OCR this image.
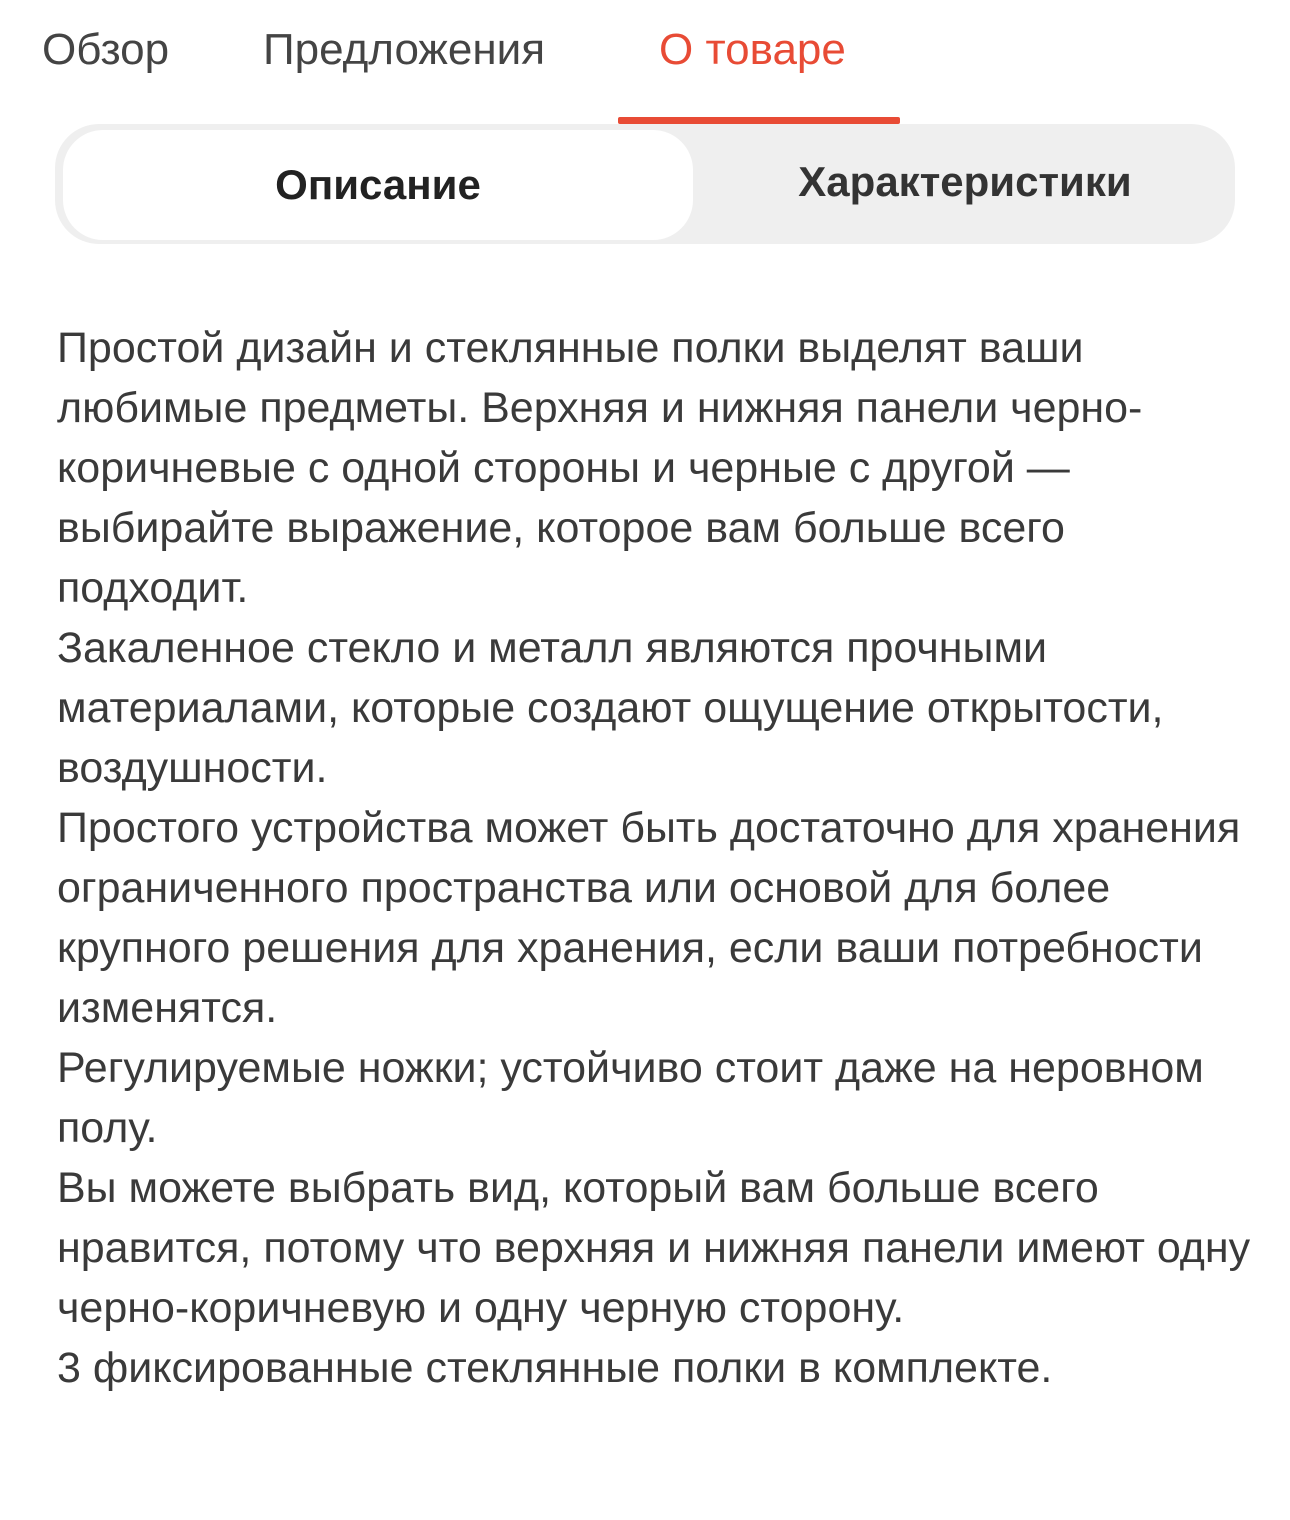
Обзор Предложения	О товаре
Описание	Характеристики

Простой дизайн и стеклянные полки выделят ваши любимые предметы. Верхняя и нижняя панели черно-коричневые с одной стороны и черные с другой — выбирайте выражение, которое вам больше всего подходит.

Закаленное стекло и металл являются прочными материалами, которые создают ощущение открытости, воздушности.

Простого устройства может быть достаточно для хранения ограниченного пространства или основой для более крупного решения для хранения, если ваши потребности изменятся.

Регулируемые ножки; устойчиво стоит даже на неровном полу.

Вы можете выбрать вид, который вам больше всего нравится, потому что верхняя и нижняя панели имеют одну черно-коричневую и одну черную сторону.

3 фиксированные стеклянные полки в комплекте.
